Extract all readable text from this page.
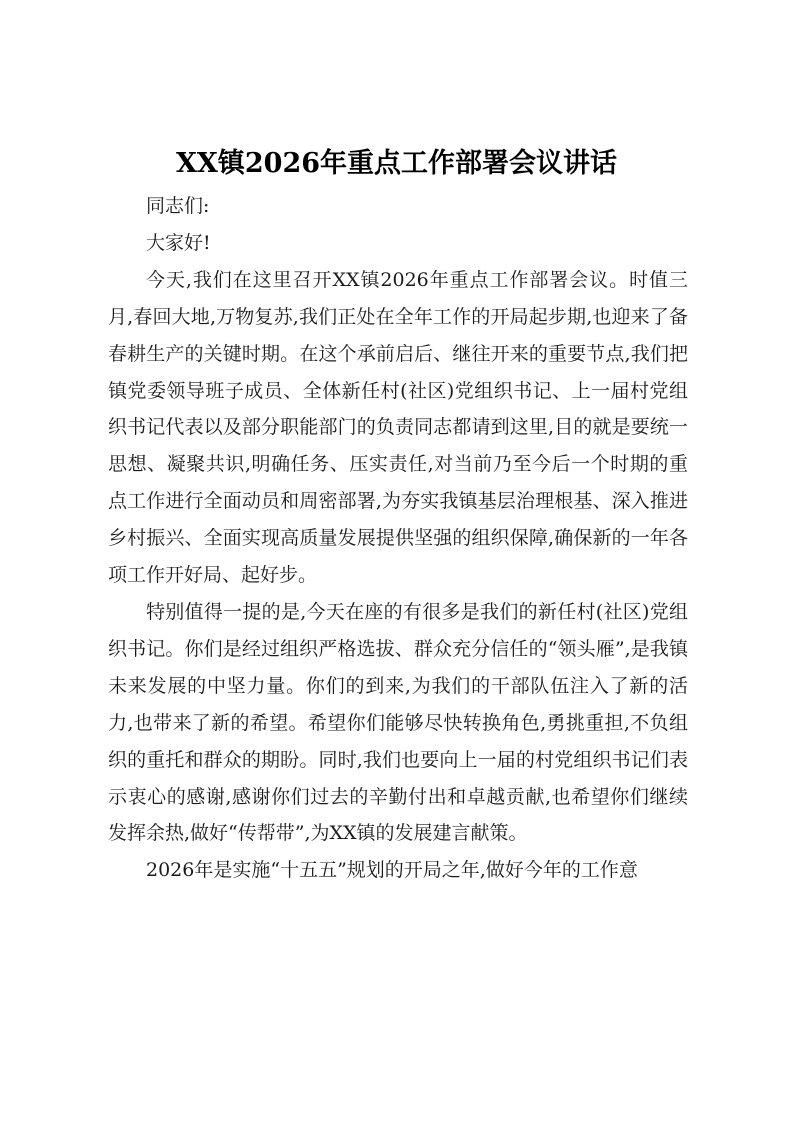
XX镇2026年重点工作部署会议讲话

同志们:

大家好!

今天,我们在这里召开XX镇2026年重点工作部署会议。时值三月,春回大地,万物复苏,我们正处在全年工作的开局起步期,也迎来了备春耕生产的关键时期。在这个承前启后、继往开来的重要节点,我们把镇党委领导班子成员、全体新任村(社区)党组织书记、上一届村党组织书记代表以及部分职能部门的负责同志都请到这里,目的就是要统一思想、凝聚共识,明确任务、压实责任,对当前乃至今后一个时期的重点工作进行全面动员和周密部署,为夯实我镇基层治理根基、深入推进乡村振兴、全面实现高质量发展提供坚强的组织保障,确保新的一年各项工作开好局、起好步。

特别值得一提的是,今天在座的有很多是我们的新任村(社区)党组织书记。你们是经过组织严格选拔、群众充分信任的“领头雁”,是我镇未来发展的中坚力量。你们的到来,为我们的干部队伍注入了新的活力,也带来了新的希望。希望你们能够尽快转换角色,勇挑重担,不负组织的重托和群众的期盼。同时,我们也要向上一届的村党组织书记们表示衷心的感谢,感谢你们过去的辛勤付出和卓越贡献,也希望你们继续发挥余热,做好“传帮带”,为XX镇的发展建言献策。

2026年是实施“十五五”规划的开局之年,做好今年的工作意
